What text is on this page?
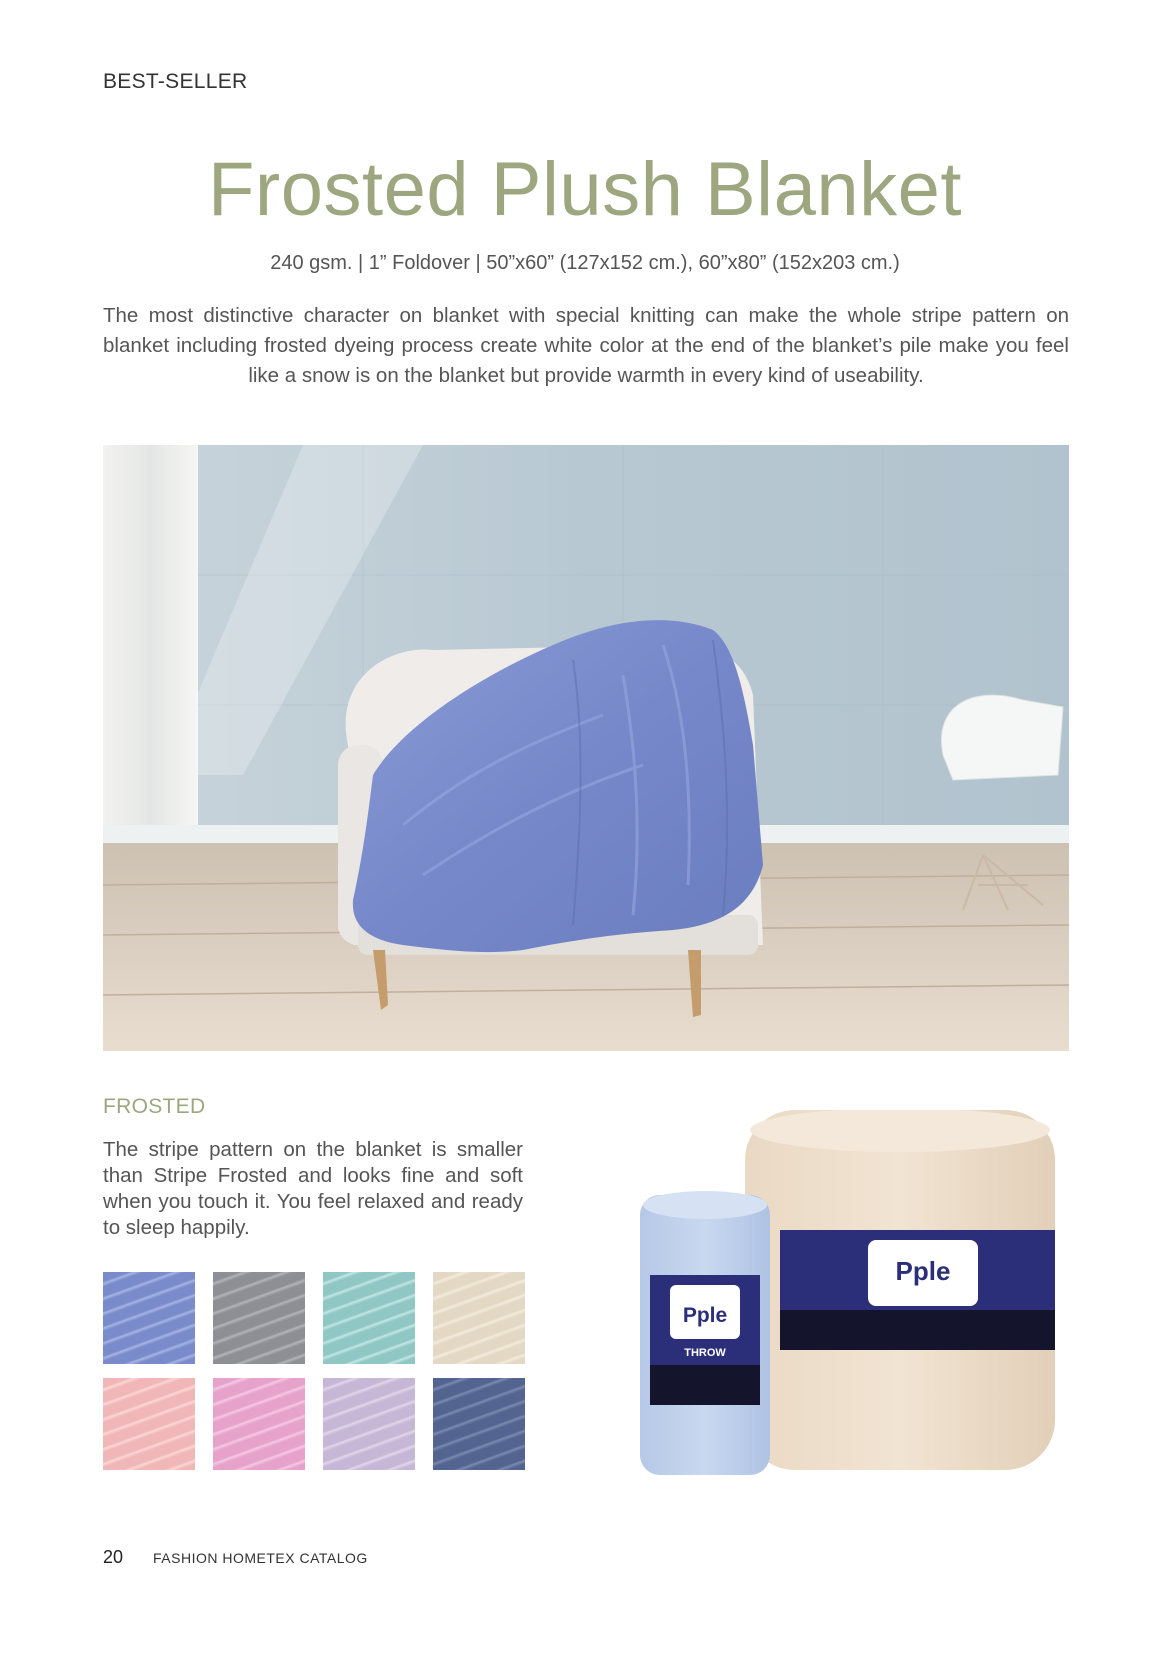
BEST-SELLER
Frosted Plush Blanket
240 gsm. | 1” Foldover | 50”x60” (127x152 cm.), 60”x80” (152x203 cm.)
The most distinctive character on blanket with special knitting can make the whole stripe pattern on blanket including frosted dyeing process create white color at the end of the blanket’s pile make you feel like a snow is on the blanket but provide warmth in every kind of useability.
FROSTED
The stripe pattern on the blanket is smaller than Stripe Frosted and looks fine and soft when you touch it. You feel relaxed and ready to sleep happily.
Pple
BLANKET
Pple
THROW
20 FASHION HOMETEX CATALOG
